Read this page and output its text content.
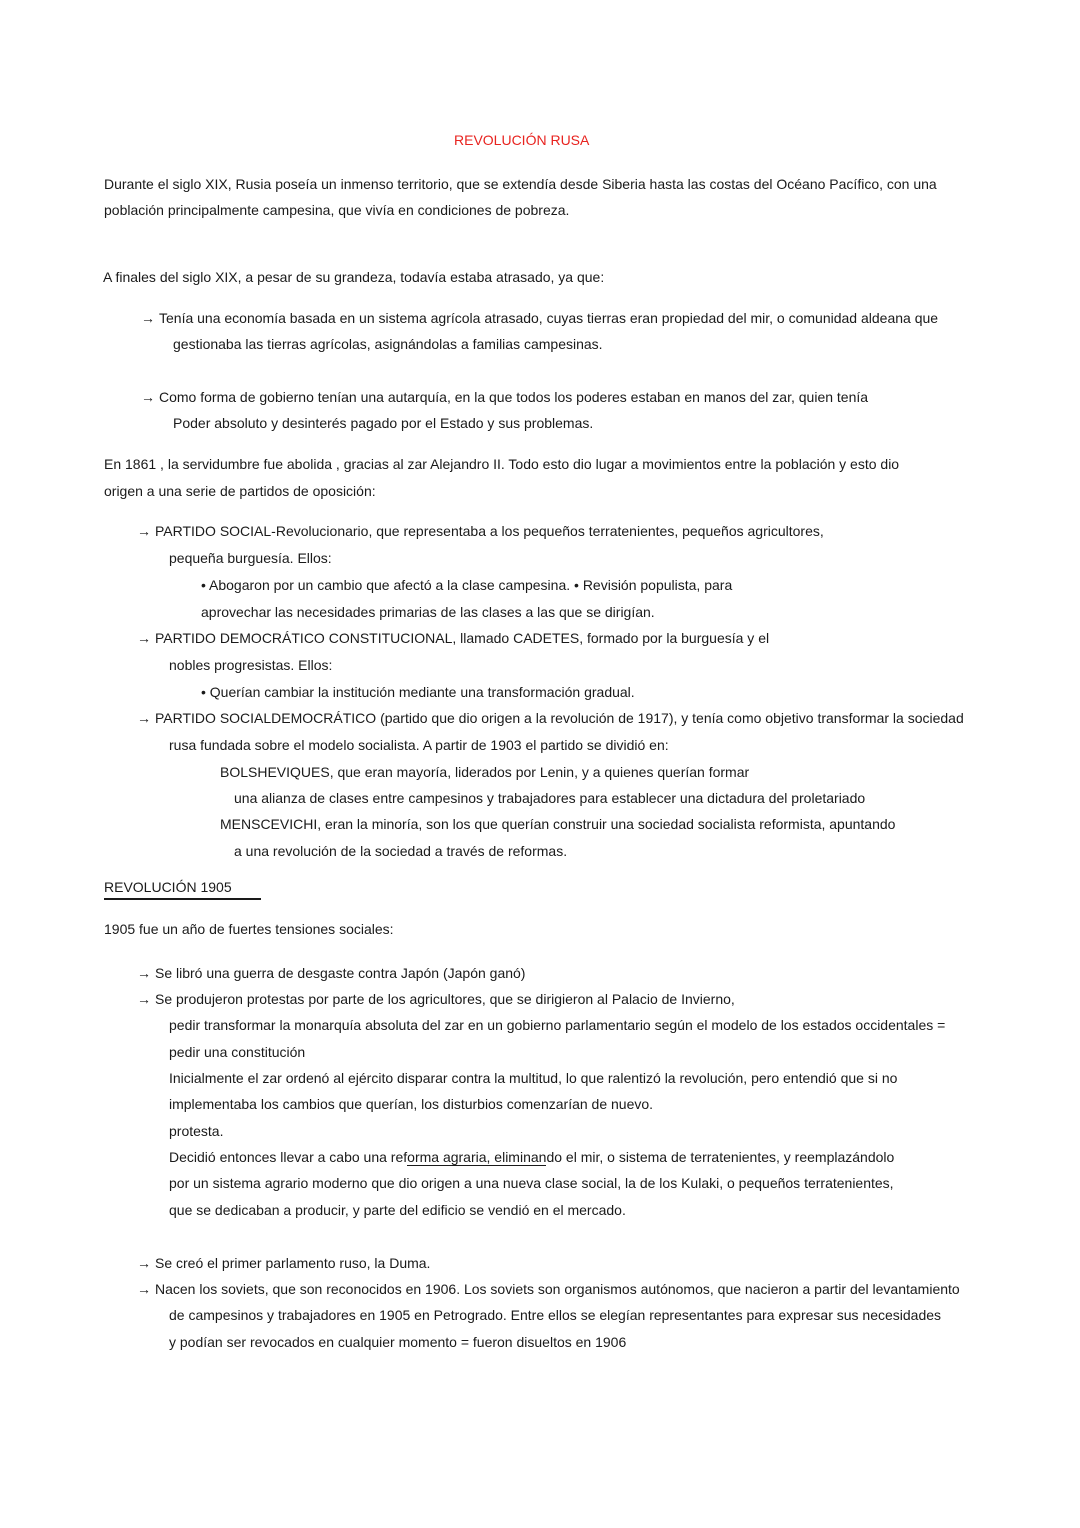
REVOLUCIÓN RUSA
Durante el siglo XIX, Rusia poseía un inmenso territorio, que se extendía desde Siberia hasta las costas del Océano Pacífico, con una
población principalmente campesina, que vivía en condiciones de pobreza.
A finales del siglo XIX, a pesar de su grandeza, todavía estaba atrasado, ya que:
→ Tenía una economía basada en un sistema agrícola atrasado, cuyas tierras eran propiedad del mir, o comunidad aldeana que
gestionaba las tierras agrícolas, asignándolas a familias campesinas.
→ Como forma de gobierno tenían una autarquía, en la que todos los poderes estaban en manos del zar, quien tenía
Poder absoluto y desinterés pagado por el Estado y sus problemas.
En 1861 , la servidumbre fue abolida , gracias al zar Alejandro II. Todo esto dio lugar a movimientos entre la población y esto dio
origen a una serie de partidos de oposición:
→ PARTIDO SOCIAL-Revolucionario, que representaba a los pequeños terratenientes, pequeños agricultores,
pequeña burguesía. Ellos:
• Abogaron por un cambio que afectó a la clase campesina. • Revisión populista, para
aprovechar las necesidades primarias de las clases a las que se dirigían.
→ PARTIDO DEMOCRÁTICO CONSTITUCIONAL, llamado CADETES, formado por la burguesía y el
nobles progresistas. Ellos:
• Querían cambiar la institución mediante una transformación gradual.
→ PARTIDO SOCIALDEMOCRÁTICO (partido que dio origen a la revolución de 1917), y tenía como objetivo transformar la sociedad
rusa fundada sobre el modelo socialista. A partir de 1903 el partido se dividió en:
BOLSHEVIQUES, que eran mayoría, liderados por Lenin, y a quienes querían formar
una alianza de clases entre campesinos y trabajadores para establecer una dictadura del proletariado
MENSCEVICHI, eran la minoría, son los que querían construir una sociedad socialista reformista, apuntando
a una revolución de la sociedad a través de reformas.
REVOLUCIÓN 1905
1905 fue un año de fuertes tensiones sociales:
→ Se libró una guerra de desgaste contra Japón (Japón ganó)
→ Se produjeron protestas por parte de los agricultores, que se dirigieron al Palacio de Invierno,
pedir transformar la monarquía absoluta del zar en un gobierno parlamentario según el modelo de los estados occidentales =
pedir una constitución
Inicialmente el zar ordenó al ejército disparar contra la multitud, lo que ralentizó la revolución, pero entendió que si no
implementaba los cambios que querían, los disturbios comenzarían de nuevo.
protesta.
Decidió entonces llevar a cabo una reforma agraria, eliminando el mir, o sistema de terratenientes, y reemplazándolo
por un sistema agrario moderno que dio origen a una nueva clase social, la de los Kulaki, o pequeños terratenientes,
que se dedicaban a producir, y parte del edificio se vendió en el mercado.
→ Se creó el primer parlamento ruso, la Duma.
→ Nacen los soviets, que son reconocidos en 1906. Los soviets son organismos autónomos, que nacieron a partir del levantamiento
de campesinos y trabajadores en 1905 en Petrogrado. Entre ellos se elegían representantes para expresar sus necesidades
y podían ser revocados en cualquier momento = fueron disueltos en 1906
